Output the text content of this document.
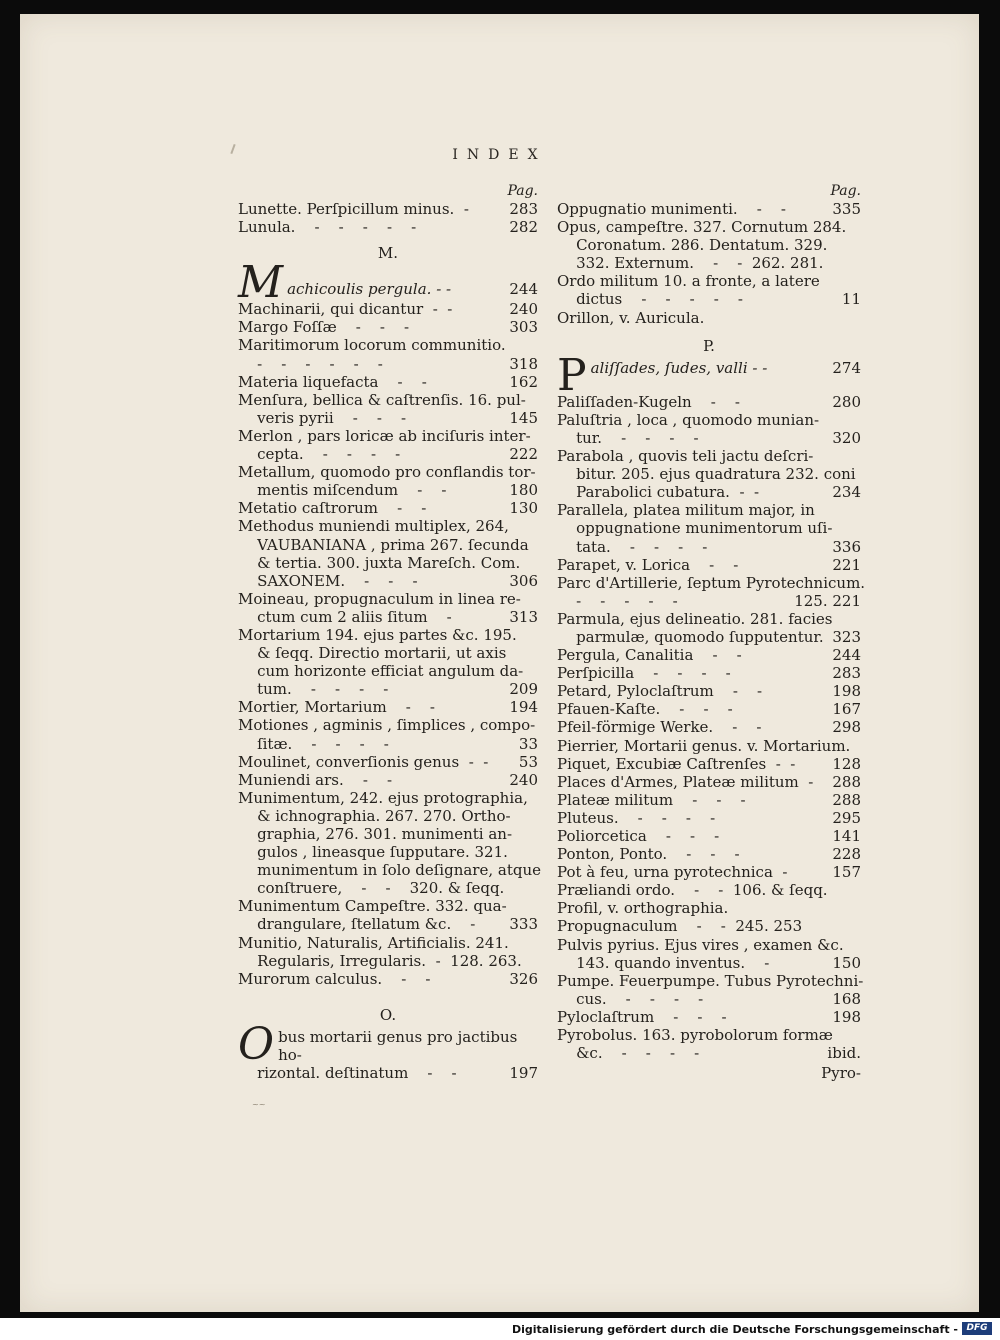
INDEX
Pag.
283
Lunette. Perſpicillum minus.  -
282
Lunula.    -    -    -    -    -
M.
M	244
achicoulis pergula. - -
240
Machinarii, qui dicantur  -  -
303
Margo Foſſæ    -    -    -
Maritimorum locorum communitio.
318
-    -    -    -    -    -
162
Materia liquefacta    -    -
Menſura, bellica & caſtrenſis. 16. pul-
145
veris pyrii    -    -    -
Merlon , pars loricæ ab inciſuris inter-
222
cepta.    -    -    -    -
Metallum, quomodo pro conflandis tor-
180
mentis miſcendum    -    -
130
Metatio caſtrorum    -    -
Methodus muniendi multiplex, 264,
VAUBANIANA , prima 267. ſecunda
& tertia. 300. juxta Mareſch. Com.
306
SAXONEM.    -    -    -
Moineau, propugnaculum in linea re-
313
ctum cum 2 aliis ſitum    -
Mortarium 194. ejus partes &c. 195.
& ſeqq. Directio mortarii, ut axis
cum horizonte efficiat angulum da-
209
tum.    -    -    -    -
194
Mortier, Mortarium    -    -
Motiones , agminis , ſimplices , compo-
33
ſitæ.    -    -    -    -
53
Moulinet, converſionis genus  -  -
240
Muniendi ars.    -    -
Munimentum, 242. ejus protographia,
& ichnographia. 267. 270. Ortho-
graphia, 276. 301. munimenti an-
gulos , lineasque ſupputare. 321.
munimentum in ſolo deſignare, atque
conſtruere,    -    -    320. & ſeqq.
Munimentum Campeſtre. 332. qua-
333
drangulare, ſtellatum &c.    -
Munitio, Naturalis, Artificialis. 241.
Regularis, Irregularis.  -  128. 263.
326
Murorum calculus.    -    -
O.
O bus mortarii genus pro jactibus ho-
197
rizontal. deſtinatum    -    -
Pag.
335
Oppugnatio munimenti.    -    -
Opus, campeſtre. 327. Cornutum 284.
Coronatum. 286. Dentatum. 329.
332. Externum.    -    -  262. 281.
Ordo militum 10. a fronte, a latere
11
dictus    -    -    -    -    -
Orillon, v. Auricula.
P.
P	274
aliſſades, ſudes, valli - -
280
Paliſſaden-Kugeln    -    -
Paluſtria , loca , quomodo munian-
320
tur.    -    -    -    -
Parabola , quovis teli jactu deſcri-
bitur. 205. ejus quadratura 232. coni
234
Parabolici cubatura.  -  -
Parallela, platea militum major, in
oppugnatione munimentorum uſi-
336
tata.    -    -    -    -
221
Parapet, v. Lorica    -    -
Parc d'Artillerie, ſeptum Pyrotechnicum.
125. 221
-    -    -    -    -
Parmula, ejus delineatio. 281. facies
323
parmulæ, quomodo ſupputentur.
244
Pergula, Canalitia    -    -
283
Perſpicilla    -    -    -    -
198
Petard, Pyloclaſtrum    -    -
167
Pfauen-Kaſte.    -    -    -
298
Pfeil-förmige Werke.    -    -
Pierrier, Mortarii genus. v. Mortarium.
128
Piquet, Excubiæ Caſtrenſes  -  -
288
Places d'Armes, Plateæ militum  -
288
Plateæ militum    -    -    -
295
Pluteus.    -    -    -    -
141
Poliorcetica    -    -    -
228
Ponton, Ponto.    -    -    -
157
Pot à feu, urna pyrotechnica  -
Præliandi ordo.    -    -  106. & ſeqq.
Profil, v. orthographia.
Propugnaculum    -    -  245. 253
Pulvis pyrius. Ejus vires , examen &c.
150
143. quando inventus.    -
Pumpe. Feuerpumpe. Tubus Pyrotechni-
168
cus.    -    -    -    -
198
Pyloclaſtrum    -    -    -
Pyrobolus. 163. pyrobolorum formæ
ibid.
&c.    -    -    -    -
Pyro-
~~
Digitalisierung gefördert durch die Deutsche Forschungsgemeinschaft - DFG
